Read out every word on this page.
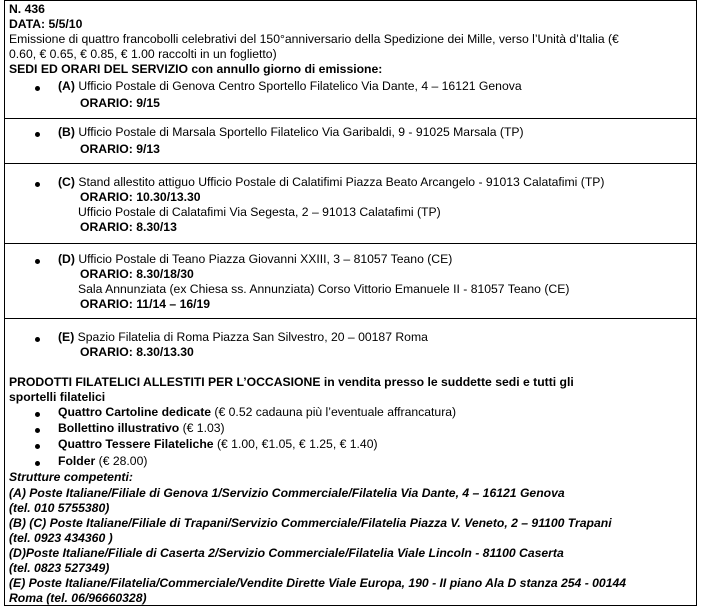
N. 436
DATA: 5/5/10
Emissione di quattro francobolli celebrativi del 150°anniversario della Spedizione dei Mille, verso l’Unità d’Italia (€
0.60, € 0.65, € 0.85, € 1.00 raccolti in un foglietto)
SEDI ED ORARI DEL SERVIZIO con annullo giorno di emissione:
(A) Ufficio Postale di Genova Centro Sportello Filatelico Via Dante, 4 – 16121 Genova
ORARIO: 9/15
(B) Ufficio Postale di Marsala Sportello Filatelico Via Garibaldi, 9 - 91025 Marsala (TP)
ORARIO: 9/13
(C) Stand allestito attiguo Ufficio Postale di Calatifimi Piazza Beato Arcangelo - 91013 Calatafimi (TP)
ORARIO: 10.30/13.30
Ufficio Postale di Calatafimi Via Segesta, 2 – 91013 Calatafimi (TP)
ORARIO: 8.30/13
(D) Ufficio Postale di Teano Piazza Giovanni XXIII, 3 – 81057 Teano (CE)
ORARIO: 8.30/18/30
Sala Annunziata (ex Chiesa ss. Annunziata) Corso Vittorio Emanuele II - 81057 Teano (CE)
ORARIO: 11/14 – 16/19
(E) Spazio Filatelia di Roma Piazza San Silvestro, 20 – 00187 Roma
ORARIO: 8.30/13.30
PRODOTTI FILATELICI ALLESTITI PER L’OCCASIONE in vendita presso le suddette sedi e tutti gli
sportelli filatelici
Quattro Cartoline dedicate (€ 0.52 cadauna più l’eventuale affrancatura)
Bollettino illustrativo (€ 1.03)
Quattro Tessere Filateliche (€ 1.00, €1.05, € 1.25, € 1.40)
Folder (€ 28.00)
Strutture competenti:
(A) Poste Italiane/Filiale di Genova 1/Servizio Commerciale/Filatelia Via Dante, 4 – 16121 Genova
(tel. 010 5755380)
(B) (C) Poste Italiane/Filiale di Trapani/Servizio Commerciale/Filatelia Piazza V. Veneto, 2 – 91100 Trapani
(tel. 0923 434360 )
(D)Poste Italiane/Filiale di Caserta 2/Servizio Commerciale/Filatelia Viale Lincoln - 81100 Caserta
(tel. 0823 527349)
(E) Poste Italiane/Filatelia/Commerciale/Vendite Dirette Viale Europa, 190 - II piano Ala D stanza 254 - 00144
Roma (tel. 06/96660328)
